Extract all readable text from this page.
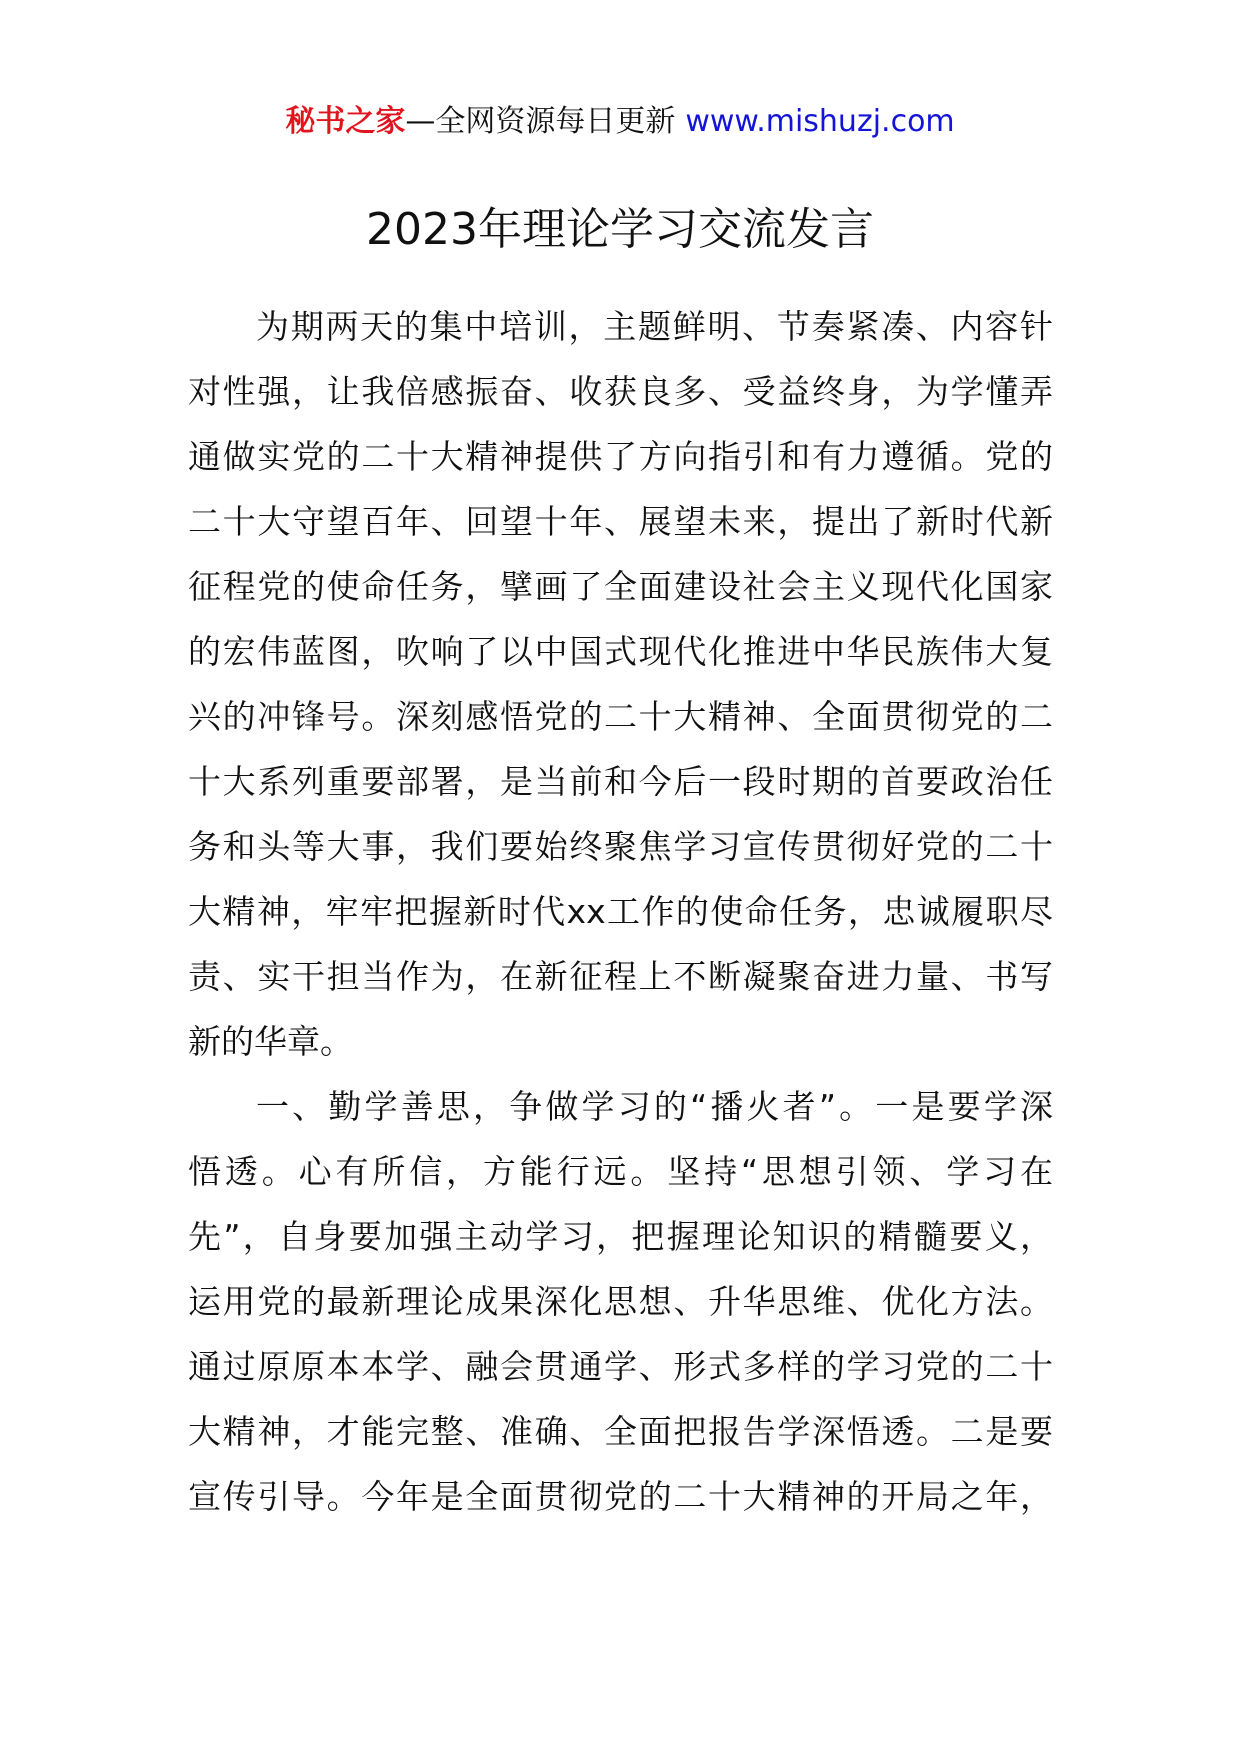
秘书之家—全网资源每日更新 www.mishuzj.com
2023年理论学习交流发言
为期两天的集中培训，主题鲜明、节奏紧凑、内容针
对性强，让我倍感振奋、收获良多、受益终身，为学懂弄
通做实党的二十大精神提供了方向指引和有力遵循。党的
二十大守望百年、回望十年、展望未来，提出了新时代新
征程党的使命任务，擘画了全面建设社会主义现代化国家
的宏伟蓝图，吹响了以中国式现代化推进中华民族伟大复
兴的冲锋号。深刻感悟党的二十大精神、全面贯彻党的二
十大系列重要部署，是当前和今后一段时期的首要政治任
务和头等大事，我们要始终聚焦学习宣传贯彻好党的二十
大精神，牢牢把握新时代xx工作的使命任务，忠诚履职尽
责、实干担当作为，在新征程上不断凝聚奋进力量、书写
新的华章。
一、勤学善思，争做学习的“播火者”。一是要学深
悟透。心有所信，方能行远。坚持“思想引领、学习在
先”，自身要加强主动学习，把握理论知识的精髓要义，
运用党的最新理论成果深化思想、升华思维、优化方法。
通过原原本本学、融会贯通学、形式多样的学习党的二十
大精神，才能完整、准确、全面把报告学深悟透。二是要
宣传引导。今年是全面贯彻党的二十大精神的开局之年，
